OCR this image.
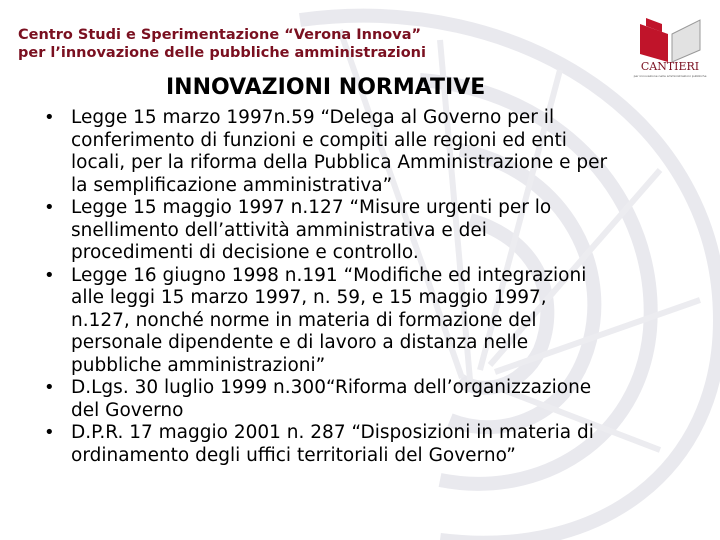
Centro Studi e Sperimentazione “Verona Innova”
per l’innovazione delle pubbliche amministrazioni
CANTIERI
per innovazione nelle amministrazioni pubbliche
INNOVAZIONI NORMATIVE
• Legge 15 marzo 1997n.59 “Delega al Governo per il
conferimento di funzioni e compiti alle regioni ed enti
locali, per la riforma della Pubblica Amministrazione e per
la semplificazione amministrativa”
• Legge 15 maggio 1997 n.127 “Misure urgenti per lo
snellimento dell’attività amministrativa e dei
procedimenti di decisione e controllo.
• Legge 16 giugno 1998 n.191 “Modifiche ed integrazioni
alle leggi 15 marzo 1997, n. 59, e 15 maggio 1997,
n.127, nonché norme in materia di formazione del
personale dipendente e di lavoro a distanza nelle
pubbliche amministrazioni”
• D.Lgs. 30 luglio 1999 n.300“Riforma dell’organizzazione
del Governo
• D.P.R. 17 maggio 2001 n. 287 “Disposizioni in materia di
ordinamento degli uffici territoriali del Governo”
